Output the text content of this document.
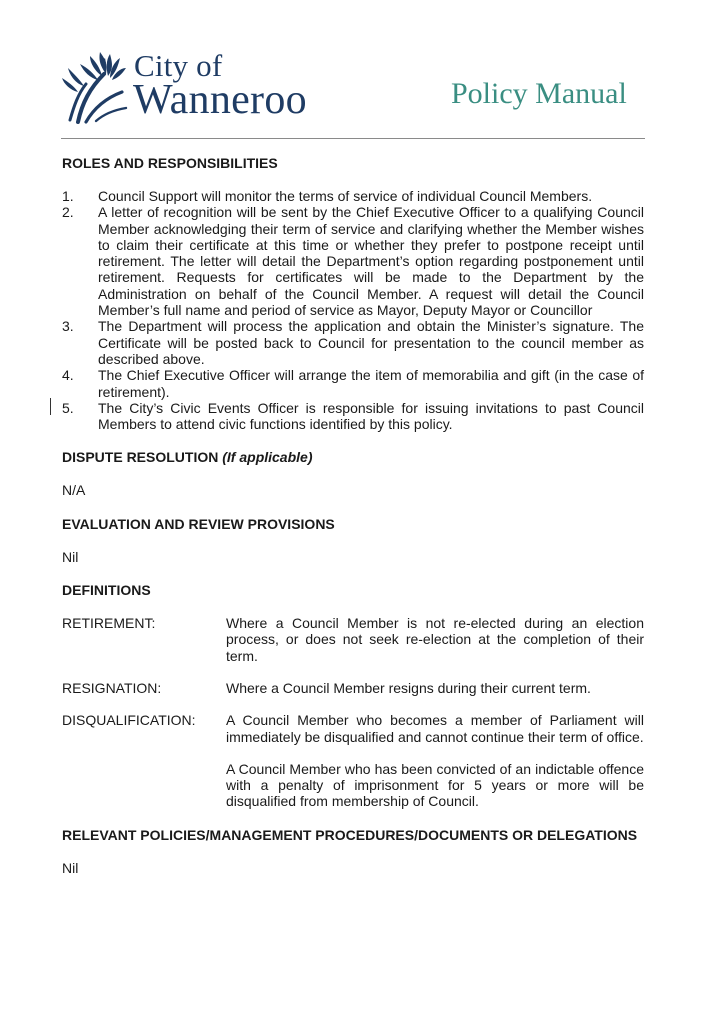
City of
Wanneroo	Policy Manual

ROLES AND RESPONSIBILITIES

1. Council Support will monitor the terms of service of individual Council Members.
2. A letter of recognition will be sent by the Chief Executive Officer to a qualifying Council Member acknowledging their term of service and clarifying whether the Member wishes to claim their certificate at this time or whether they prefer to postpone receipt until retirement. The letter will detail the Department’s option regarding postponement until retirement. Requests for certificates will be made to the Department by the Administration on behalf of the Council Member. A request will detail the Council Member’s full name and period of service as Mayor, Deputy Mayor or Councillor
3. The Department will process the application and obtain the Minister’s signature. The Certificate will be posted back to Council for presentation to the council member as described above.
4. The Chief Executive Officer will arrange the item of memorabilia and gift (in the case of retirement).
5. The City’s Civic Events Officer is responsible for issuing invitations to past Council Members to attend civic functions identified by this policy.

DISPUTE RESOLUTION (If applicable)

N/A

EVALUATION AND REVIEW PROVISIONS

Nil

DEFINITIONS

RETIREMENT:	Where a Council Member is not re-elected during an election process, or does not seek re-election at the completion of their term.
RESIGNATION:	Where a Council Member resigns during their current term.
DISQUALIFICATION: A Council Member who becomes a member of Parliament will immediately be disqualified and cannot continue their term of office.
A Council Member who has been convicted of an indictable offence with a penalty of imprisonment for 5 years or more will be disqualified from membership of Council.

RELEVANT POLICIES/MANAGEMENT PROCEDURES/DOCUMENTS OR DELEGATIONS

Nil
